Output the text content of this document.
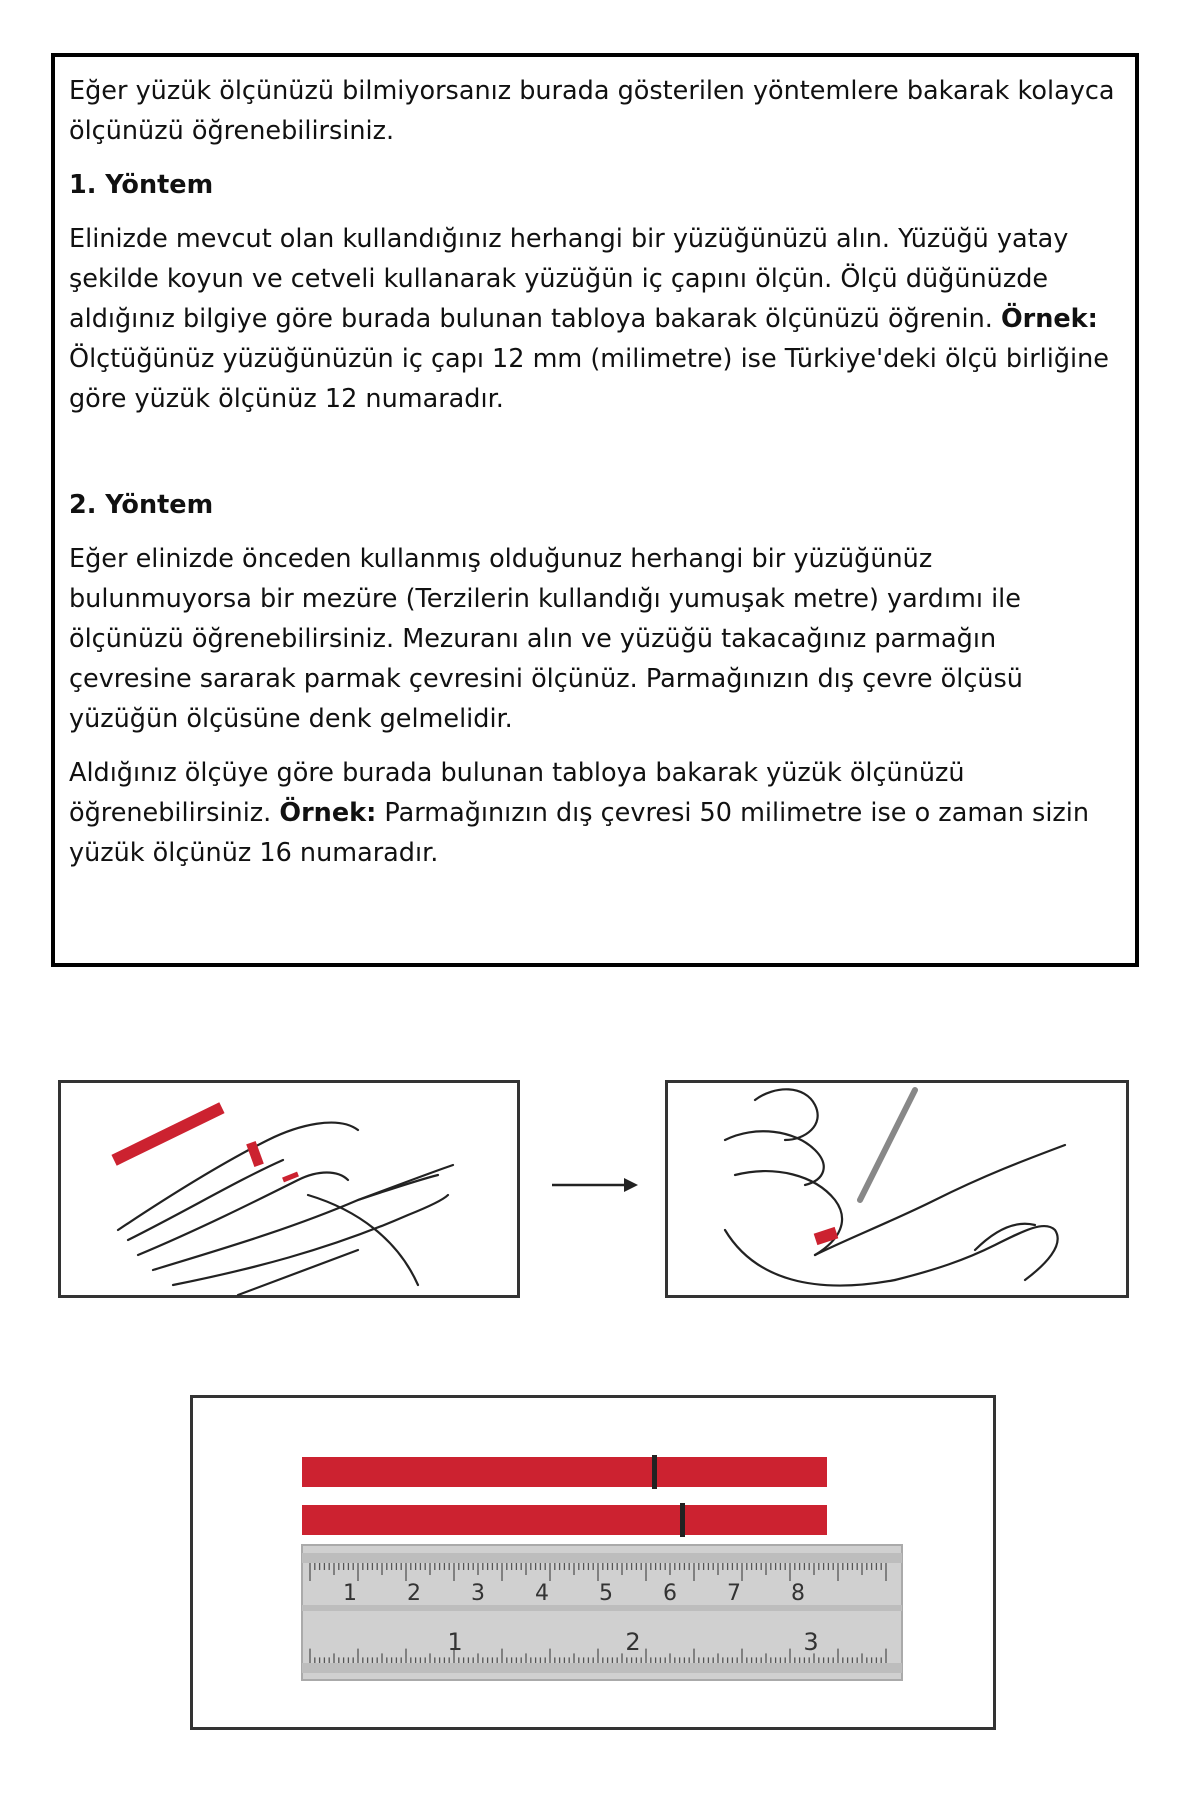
Eğer yüzük ölçünüzü bilmiyorsanız burada gösterilen yöntemlere bakarak kolayca ölçünüzü öğrenebilirsiniz.

1. Yöntem

Elinizde mevcut olan kullandığınız herhangi bir yüzüğünüzü alın. Yüzüğü yatay şekilde koyun ve cetveli kullanarak yüzüğün iç çapını ölçün. Ölçü düğünüzde aldığınız bilgiye göre burada bulunan tabloya bakarak ölçünüzü öğrenin. Örnek: Ölçtüğünüz yüzüğünüzün iç çapı 12 mm (milimetre) ise Türkiye'deki ölçü birliğine göre yüzük ölçünüz 12 numaradır.

2. Yöntem

Eğer elinizde önceden kullanmış olduğunuz herhangi bir yüzüğünüz bulunmuyorsa bir mezüre (Terzilerin kullandığı yumuşak metre) yardımı ile ölçünüzü öğrenebilirsiniz. Mezuranı alın ve yüzüğü takacağınız parmağın çevresine sararak parmak çevresini ölçünüz. Parmağınızın dış çevre ölçüsü yüzüğün ölçüsüne denk gelmelidir.

Aldığınız ölçüye göre burada bulunan tabloya bakarak yüzük ölçünüzü öğrenebilirsiniz. Örnek: Parmağınızın dış çevresi 50 milimetre ise o zaman sizin yüzük ölçünüz 16 numaradır.

1 2 3 4 5 6 7 8
1	2	3
